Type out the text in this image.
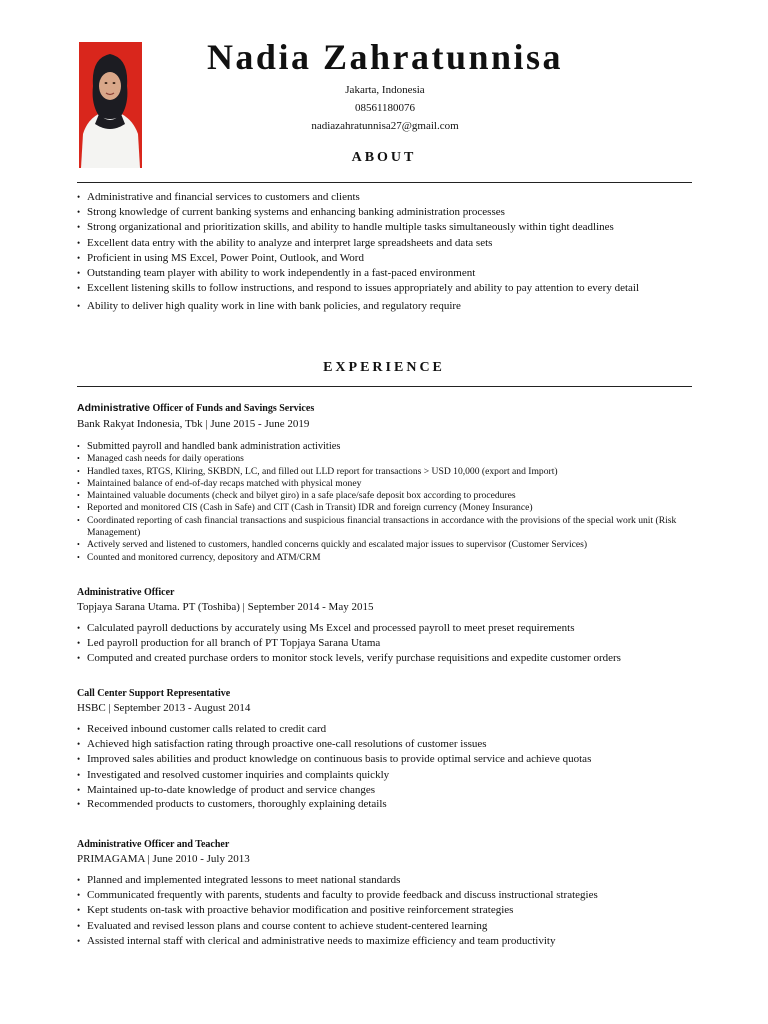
Nadia Zahratunnisa
Jakarta, Indonesia
08561180076
nadiazahratunnisa27@gmail.com
ABOUT
• Administrative and financial services to customers and clients
• Strong knowledge of current banking systems and enhancing banking administration processes
• Strong organizational and prioritization skills, and ability to handle multiple tasks simultaneously within tight deadlines
• Excellent data entry with the ability to analyze and interpret large spreadsheets and data sets
• Proficient in using MS Excel, Power Point, Outlook, and Word
• Outstanding team player with ability to work independently in a fast-paced environment
• Excellent listening skills to follow instructions, and respond to issues appropriately and ability to pay attention to every detail
• Ability to deliver high quality work in line with bank policies, and regulatory require
EXPERIENCE
Administrative Officer of Funds and Savings Services
Bank Rakyat Indonesia, Tbk | June 2015 - June 2019
• Submitted payroll and handled bank administration activities
• Managed cash needs for daily operations
• Handled taxes, RTGS, Kliring, SKBDN, LC, and filled out LLD report for transactions > USD 10,000 (export and Import)
• Maintained balance of end-of-day recaps matched with physical money
• Maintained valuable documents (check and bilyet giro) in a safe place/safe deposit box according to procedures
• Reported and monitored CIS (Cash in Safe) and CIT (Cash in Transit) IDR and foreign currency (Money Insurance)
• Coordinated reporting of cash financial transactions and suspicious financial transactions in accordance with the provisions of the special work unit (Risk Management)
• Actively served and listened to customers, handled concerns quickly and escalated major issues to supervisor (Customer Services)
• Counted and monitored currency, depository and ATM/CRM
Administrative Officer
Topjaya Sarana Utama. PT (Toshiba) | September 2014 - May 2015
• Calculated payroll deductions by accurately using Ms Excel and processed payroll to meet preset requirements
• Led payroll production for all branch of PT Topjaya Sarana Utama
• Computed and created purchase orders to monitor stock levels, verify purchase requisitions and expedite customer orders
Call Center Support Representative
HSBC | September 2013 - August 2014
• Received inbound customer calls related to credit card
• Achieved high satisfaction rating through proactive one-call resolutions of customer issues
• Improved sales abilities and product knowledge on continuous basis to provide optimal service and achieve quotas
• Investigated and resolved customer inquiries and complaints quickly
• Maintained up-to-date knowledge of product and service changes
• Recommended products to customers, thoroughly explaining details
Administrative Officer and Teacher
PRIMAGAMA | June 2010 - July 2013
• Planned and implemented integrated lessons to meet national standards
• Communicated frequently with parents, students and faculty to provide feedback and discuss instructional strategies
• Kept students on-task with proactive behavior modification and positive reinforcement strategies
• Evaluated and revised lesson plans and course content to achieve student-centered learning
• Assisted internal staff with clerical and administrative needs to maximize efficiency and team productivity
